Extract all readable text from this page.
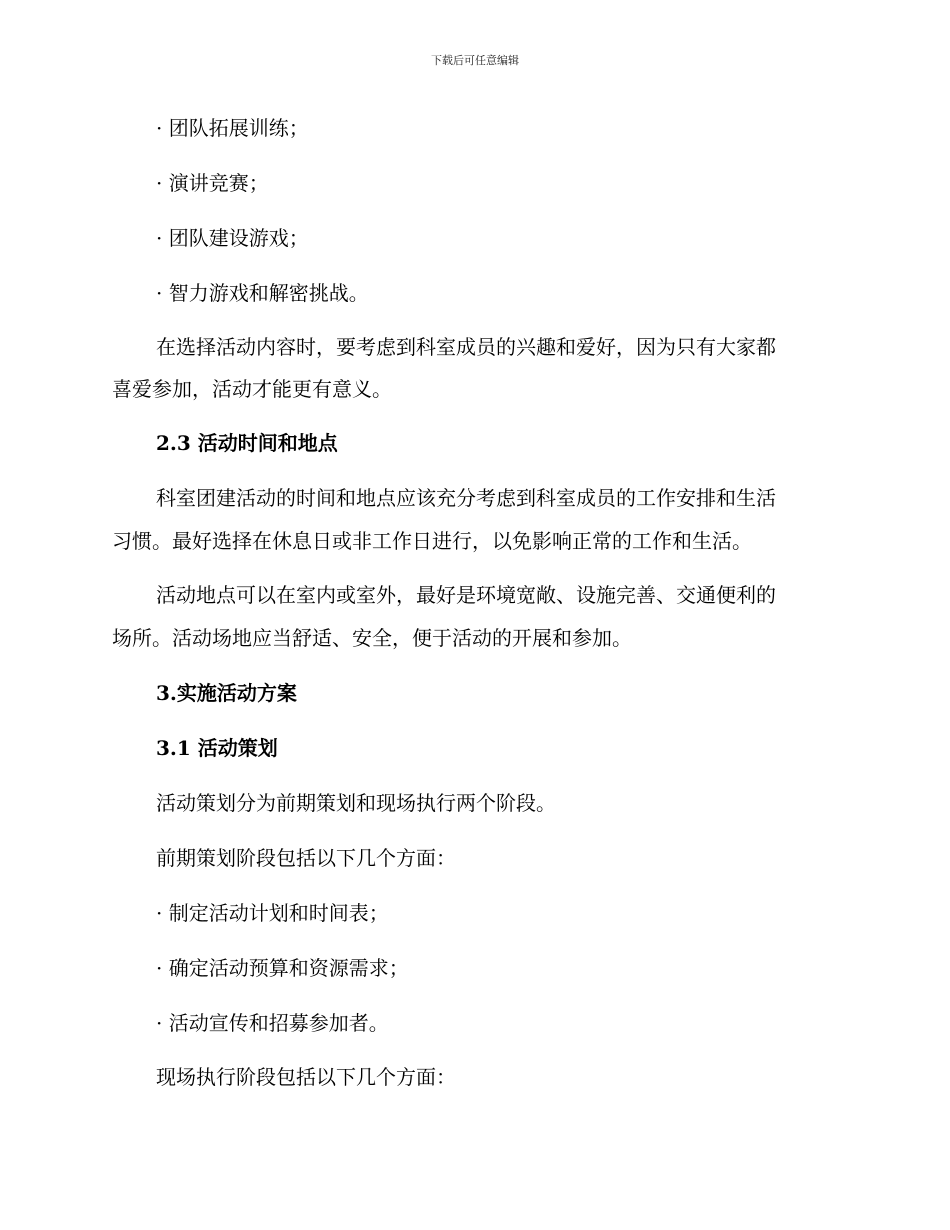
下载后可任意编辑
· 团队拓展训练；
· 演讲竞赛；
· 团队建设游戏；
· 智力游戏和解密挑战。
在选择活动内容时，要考虑到科室成员的兴趣和爱好，因为只有大家都
喜爱参加，活动才能更有意义。
2.3 活动时间和地点
科室团建活动的时间和地点应该充分考虑到科室成员的工作安排和生活
习惯。最好选择在休息日或非工作日进行，以免影响正常的工作和生活。
活动地点可以在室内或室外，最好是环境宽敞、设施完善、交通便利的
场所。活动场地应当舒适、安全，便于活动的开展和参加。
3.实施活动方案
3.1 活动策划
活动策划分为前期策划和现场执行两个阶段。
前期策划阶段包括以下几个方面：
· 制定活动计划和时间表；
· 确定活动预算和资源需求；
· 活动宣传和招募参加者。
现场执行阶段包括以下几个方面：
